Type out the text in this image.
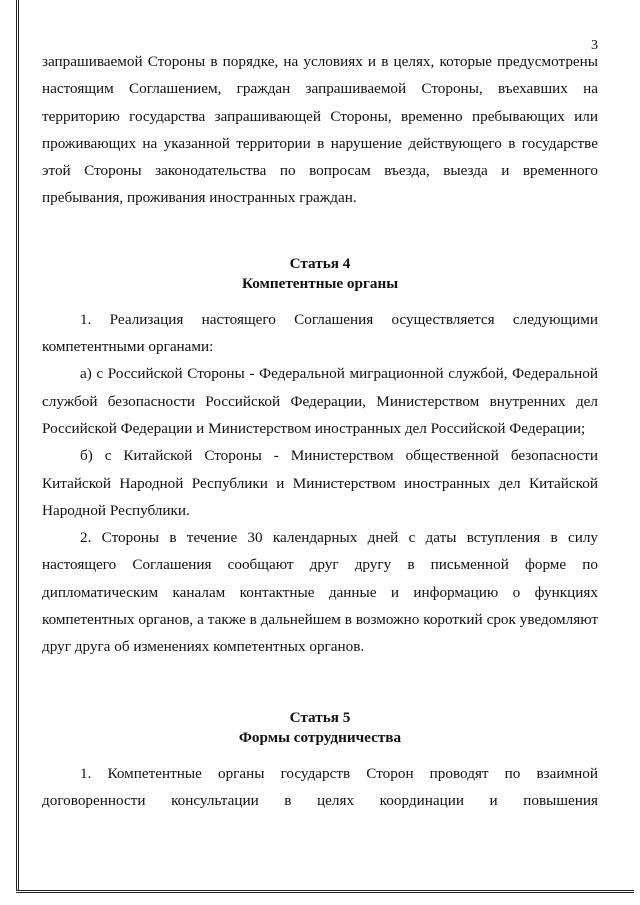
3

запрашиваемой Стороны в порядке, на условиях и в целях, которые предусмотрены настоящим Соглашением, граждан запрашиваемой Стороны, въехавших на территорию государства запрашивающей Стороны, временно пребывающих или проживающих на указанной территории в нарушение действующего в государстве этой Стороны законодательства по вопросам въезда, выезда и временного пребывания, проживания иностранных граждан.

Статья 4

Компетентные органы

1. Реализация настоящего Соглашения осуществляется следующими компетентными органами:

а) с Российской Стороны - Федеральной миграционной службой, Федеральной службой безопасности Российской Федерации, Министерством внутренних дел Российской Федерации и Министерством иностранных дел Российской Федерации;

б) с Китайской Стороны - Министерством общественной безопасности Китайской Народной Республики и Министерством иностранных дел Китайской Народной Республики.

2. Стороны в течение 30 календарных дней с даты вступления в силу настоящего Соглашения сообщают друг другу в письменной форме по дипломатическим каналам контактные данные и информацию о функциях компетентных органов, а также в дальнейшем в возможно короткий срок уведомляют друг друга об изменениях компетентных органов.

Статья 5

Формы сотрудничества

1. Компетентные органы государств Сторон проводят по взаимной договоренности консультации в целях координации и повышения
